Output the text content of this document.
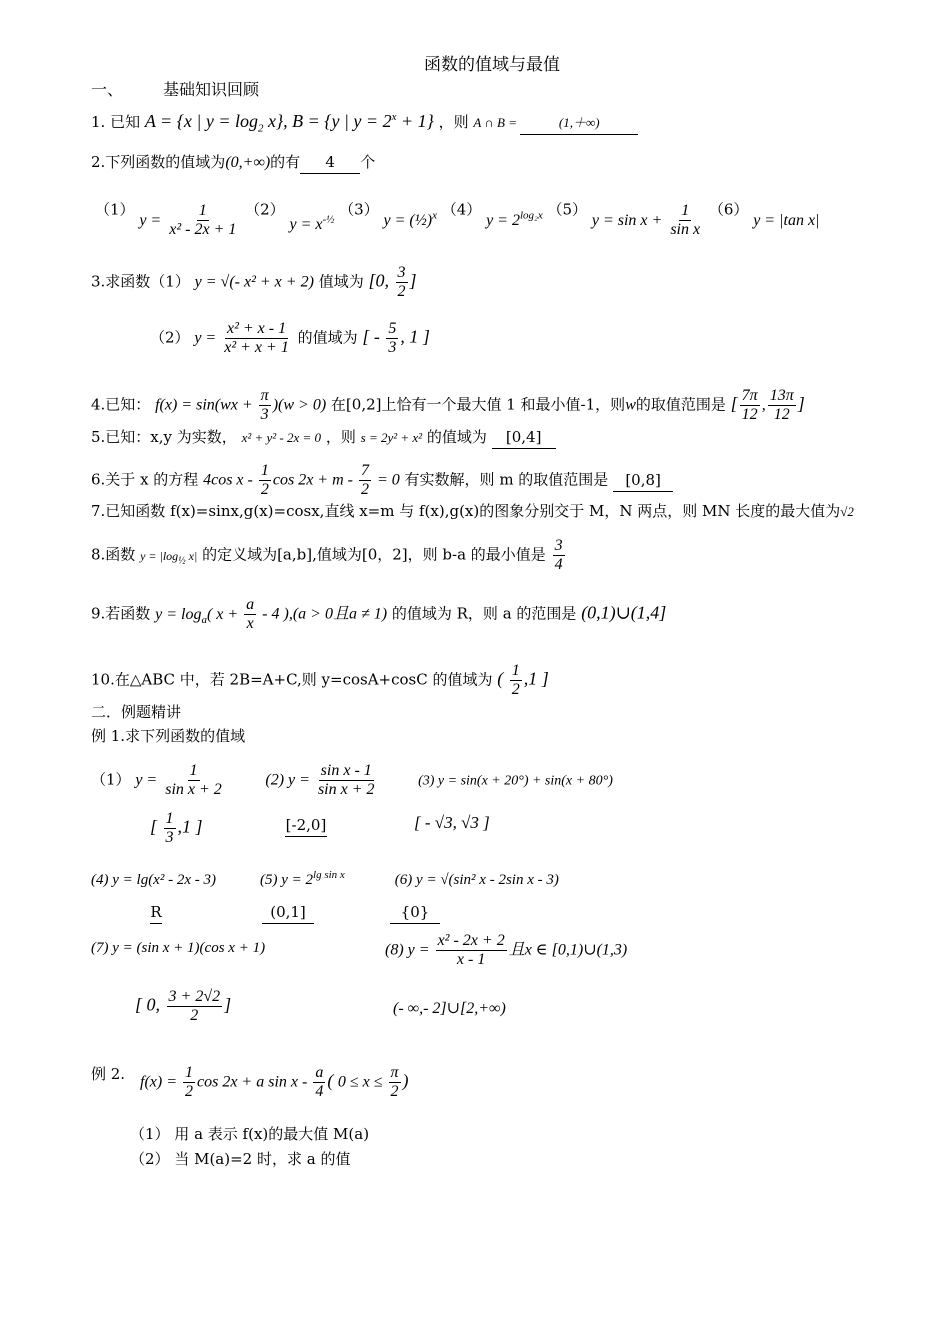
函数的值域与最值
一、	基础知识回顾
1. 已知 A = {x | $y = \log_2 x$}, B = {y | $y = 2^x + 1$} ，则 A ∩ B =	(1,＋∞)
2.下列函数的值域为(0,+∞)的有 4 个
（1） $y = \frac{1}{\text{x² - 2x + 1}} (2) y = x^{-\frac{1}{2}}$ （3） y = (½)$^x$ （4） $y = 2^{log_2x}$ （5） $y = \sin x + \frac{1}{\text{sin x}} (6) y = |\tan$ x|
3.求函数（1） y = √(- x² + x + 2) 值域为 [0, $\frac{3}{2}$ ]
（2） $y = \frac{\text{x² + x - 1}}{\text{x² + x + 1}}$ 的值域为 [ - $\frac{5}{3}$ , 1 ]
4.已知： $f(x) = \sin(wx + \frac{\pi}{3} )(w > 0)$ 在[0,2]上恰有一个最大值 1 和最小值-1，则w的取值范围是 [ $\frac{7\pi}{12}$ , $\frac{13\pi}{12}$ ]
5.已知：x,y 为实数， x² + y² - 2x = 0 ，则 s = 2y² + x² 的值域为 [0,4]
6.关于 x 的方程 4cos x - $\frac{1}{2}$ $\cos 2x + m - \frac{7}{2} = 0$ 有实数解，则 m 的取值范围是 [0,8]
7.已知函数 f(x)=sinx,g(x)=cosx,直线 x=m 与 f(x),g(x)的图象分别交于 M，N 两点，则 MN 长度的最大值为√2
8.函数 $y = |\log_{\frac{1}{2}}$ x| 的定义域为[a,b],值域为[0，2]，则 b-a 的最小值是 $\frac{3}{4}$
9.若函数 $y = \log_a$( $x + \frac{a}{x} - 4$ ),(a > 0且a ≠ 1) 的值域为 R，则 a 的范围是 (0,1)∪(1,4]
10.在△ABC 中，若 2B=A+C,则 y=cosA+cosC 的值域为 ( $\frac{1}{2} ,1$ ]
二．例题精讲
例 1.求下列函数的值域
（1） $y = \frac{1}{\text{sin x + 2}}$	(2) $y = \frac{\text{sin x - 1}}{\text{sin x + 2}}$	(3) y = sin(x + 20°) + sin(x + 80°)
[ $\frac{1}{3} ,1$ ]	[-2,0]	[ - √3, √3 ]
(4) y = lg(x² - 2x - 3)	(5) $y = 2^{lg sin x}$	(6) y = √(sin² x - 2sin x - 3)
R	(0,1]	{0}
(7) y = (sin x + 1)(cos x + 1)	(8) $y = \frac{\text{x² - 2x + 2}}{x - 1}$ 且x ∈ [0,1)∪(1,3)
[ 0, $\frac{3 + 2√2}{2}$ ]	(- ∞,- 2]∪[2,+∞)
例 2. $f(x) = \frac{1}{2}$ cos 2x + a sin x - $\frac{a}{4}$ ( $0 \le x \le \frac{\pi}{2}$ )
（1） 用 a 表示 f(x)的最大值 M(a)
（2） 当 M(a)=2 时，求 a 的值
